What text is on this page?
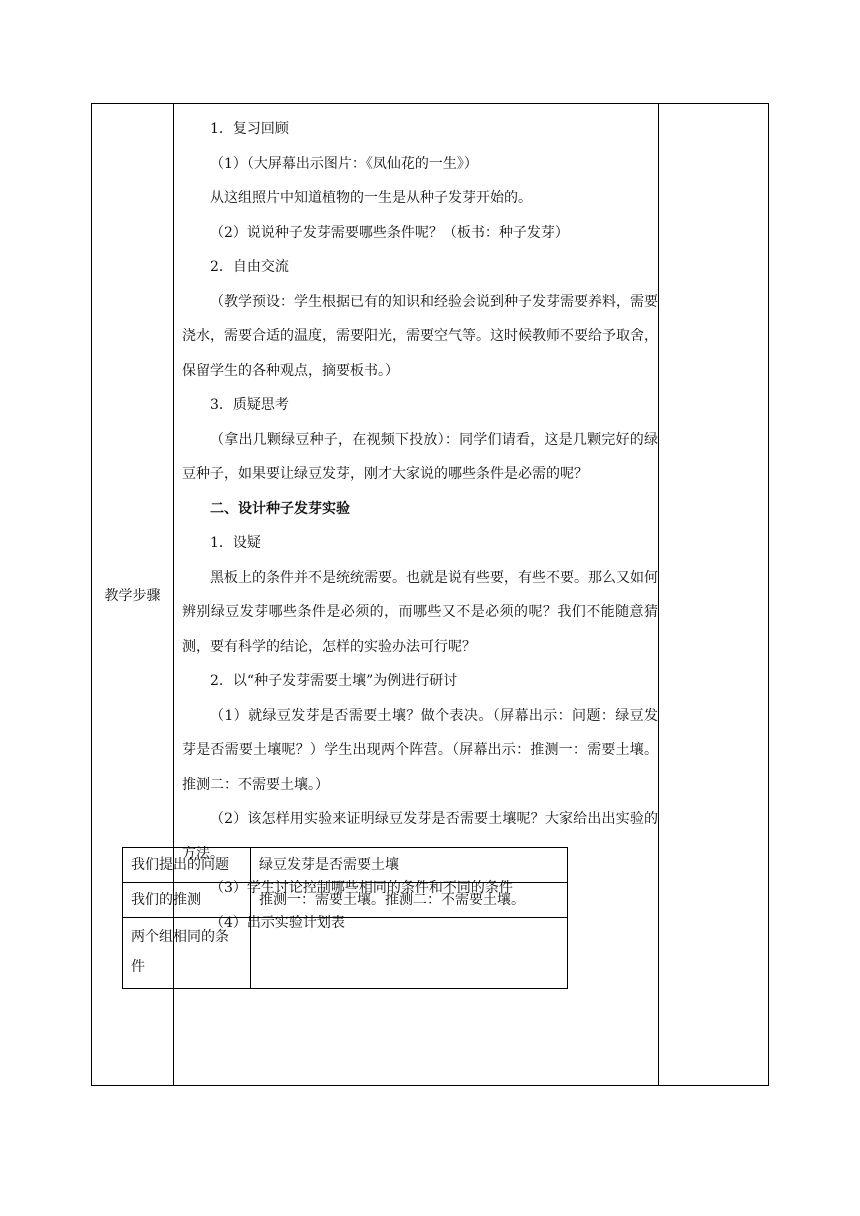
教学步骤

1．复习回顾

（1）（大屏幕出示图片：《凤仙花的一生》）

从这组照片中知道植物的一生是从种子发芽开始的。

（2）说说种子发芽需要哪些条件呢？（板书：种子发芽）

2．自由交流

（教学预设：学生根据已有的知识和经验会说到种子发芽需要养料，需要浇水，需要合适的温度，需要阳光，需要空气等。这时候教师不要给予取舍，保留学生的各种观点，摘要板书。）

3．质疑思考

（拿出几颗绿豆种子，在视频下投放）：同学们请看，这是几颗完好的绿豆种子，如果要让绿豆发芽，刚才大家说的哪些条件是必需的呢？

二、设计种子发芽实验

1．设疑

黑板上的条件并不是统统需要。也就是说有些要，有些不要。那么又如何辨别绿豆发芽哪些条件是必须的，而哪些又不是必须的呢？我们不能随意猜测，要有科学的结论，怎样的实验办法可行呢？

2．以“种子发芽需要土壤”为例进行研讨

（1）就绿豆发芽是否需要土壤？做个表决。（屏幕出示：问题：绿豆发芽是否需要土壤呢？）学生出现两个阵营。（屏幕出示：推测一：需要土壤。推测二：不需要土壤。）

（2）该怎样用实验来证明绿豆发芽是否需要土壤呢？大家给出出实验的方法。

（3）学生讨论控制哪些相同的条件和不同的条件

（4）出示实验计划表

我们提出的问题	绿豆发芽是否需要土壤
我们的推测	推测一：需要土壤。推测二：不需要土壤。
两个组相同的条件	
